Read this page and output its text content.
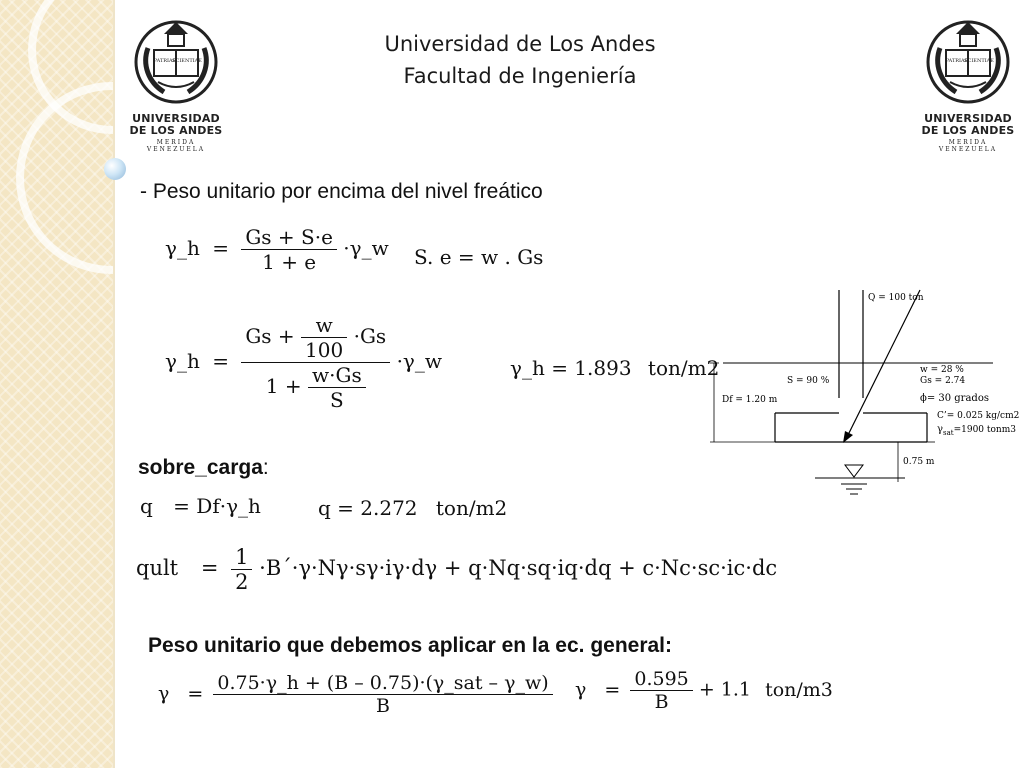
Universidad de Los Andes
Facultad de Ingeniería
PATRIAE
SCIENTIAE
UNIVERSIDAD
DE LOS ANDES
MERIDA VENEZUELA
PATRIAE
SCIENTIAE
UNIVERSIDAD
DE LOS ANDES
MERIDA VENEZUELA
- Peso unitario por encima del nivel freático
γ_h = $\frac{Gs + S\cdot e}{1 + e}$ ·γ_w S. e = w . Gs
γ_h = $\frac{Gs + \frac{w}{100} \cdot Gs}{1 + \frac{w\cdot Gs}{S}}$ ·γ_w	γ_h = 1.893 ton/m2
Q = 100 ton
w = 28 %
Gs = 2.74
S = 90 %
ϕ= 30 grados
C’= 0.025 kg/cm2
$\gamma_{sat}=1900$ tonm3
Df = 1.20 m
0.75 m
sobre_carga:
q = Df·γ_h	q = 2.272 ton/m2
qult = $\frac{1}{2}$ ·B´·γ·Nγ·sγ·iγ·dγ + q·Nq·sq·iq·dq + c·Nc·sc·ic·dc
Peso unitario que debemos aplicar en la ec. general:
$\gamma = \frac{\text{0.75·γ\_h + (B – 0.75)·(γ\_sat – γ\_w)}}{B}$ $\gamma = \frac{0.595}{B} + 1.1$ ton/m3
